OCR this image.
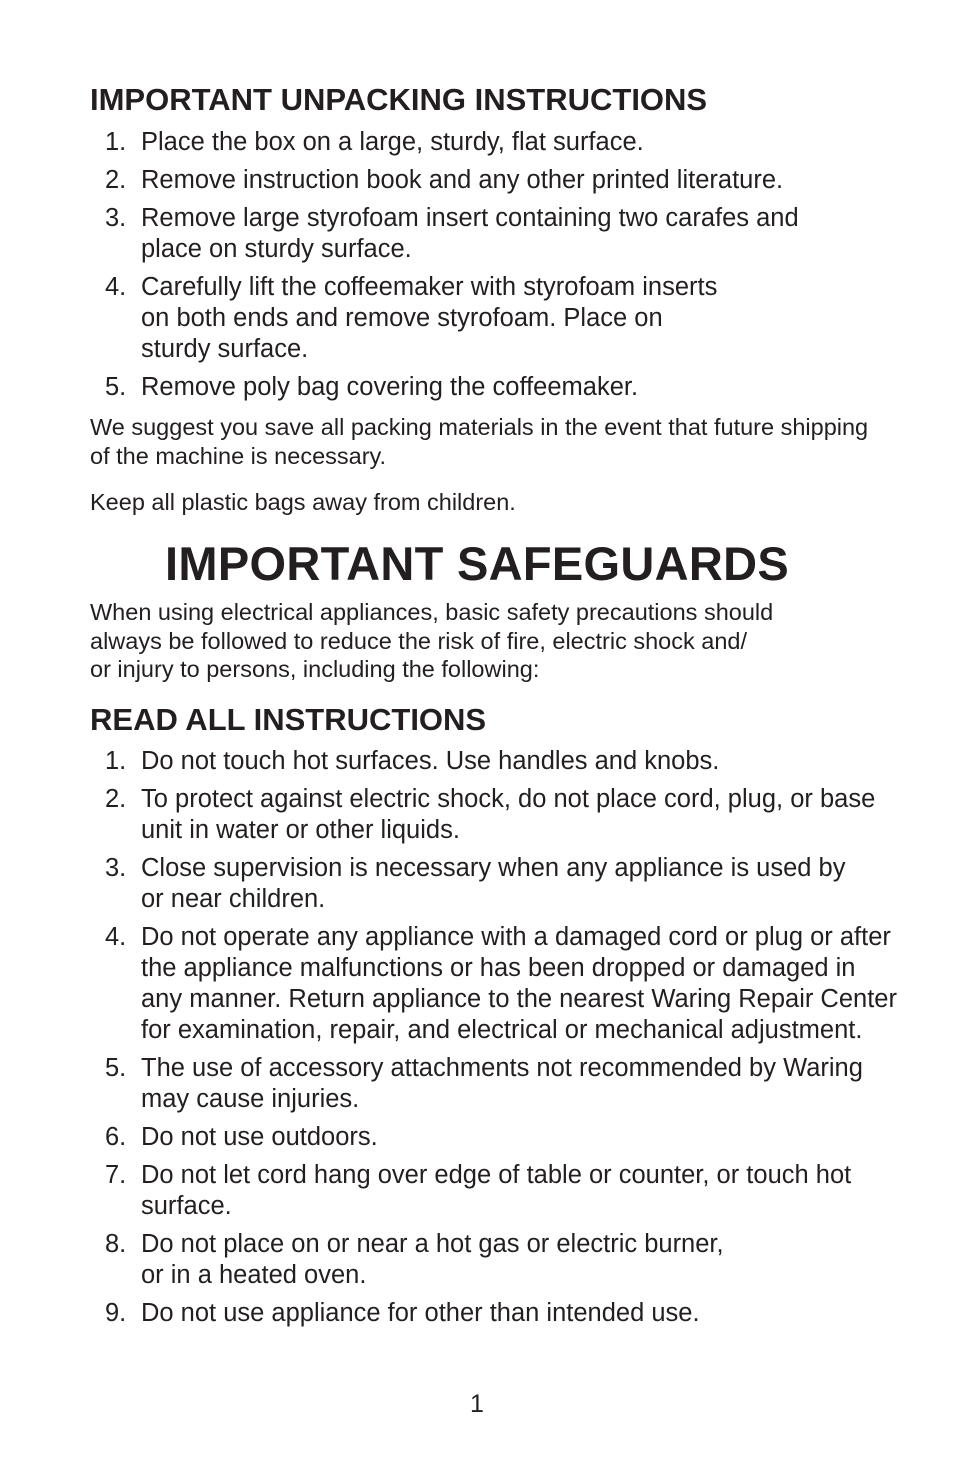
IMPORTANT UNPACKING INSTRUCTIONS
1. Place the box on a large, sturdy, flat surface.
2. Remove instruction book and any other printed literature.
3. Remove large styrofoam insert containing two carafes and place on sturdy surface.
4. Carefully lift the coffeemaker with styrofoam inserts
on both ends and remove styrofoam. Place on
sturdy surface.
5. Remove poly bag covering the coffeemaker.

We suggest you save all packing materials in the event that future shipping of the machine is necessary.

Keep all plastic bags away from children.

IMPORTANT SAFEGUARDS

When using electrical appliances, basic safety precautions should
always be followed to reduce the risk of fire, electric shock and/
or injury to persons, including the following:

READ ALL INSTRUCTIONS
1. Do not touch hot surfaces. Use handles and knobs.
2. To protect against electric shock, do not place cord, plug, or base unit in water or other liquids.
3. Close supervision is necessary when any appliance is used by or near children.
4. Do not operate any appliance with a damaged cord or plug or after the appliance malfunctions or has been dropped or damaged in any manner. Return appliance to the nearest Waring Repair Center for examination, repair, and electrical or mechanical adjustment.
5. The use of accessory attachments not recommended by Waring may cause injuries.
6. Do not use outdoors.
7. Do not let cord hang over edge of table or counter, or touch hot surface.
8. Do not place on or near a hot gas or electric burner,
or in a heated oven.
9. Do not use appliance for other than intended use.
1
